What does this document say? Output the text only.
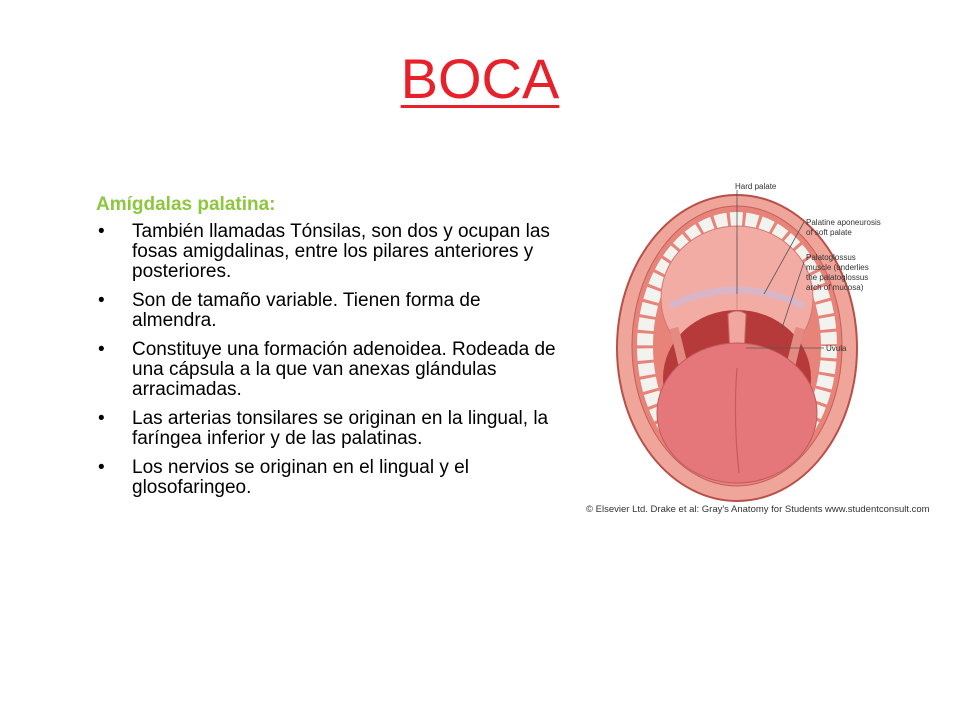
BOCA
Amígdalas palatina:
• También llamadas Tónsilas, son dos y ocupan las fosas amigdalinas, entre los pilares anteriores y posteriores.
• Son de tamaño variable. Tienen forma de almendra.
• Constituye una formación adenoidea. Rodeada de una cápsula a la que van anexas glándulas arracimadas.
• Las arterias tonsilares se originan en la lingual, la faríngea inferior y de las palatinas.
• Los nervios se originan en el lingual y el glosofaringeo.
Hard palate
Palatine aponeurosis
of soft palate
Palatoglossus
muscle (underlies
the palatoglossus
arch of mucosa)
Uvula
© Elsevier Ltd. Drake et al: Gray's Anatomy for Students www.studentconsult.com
